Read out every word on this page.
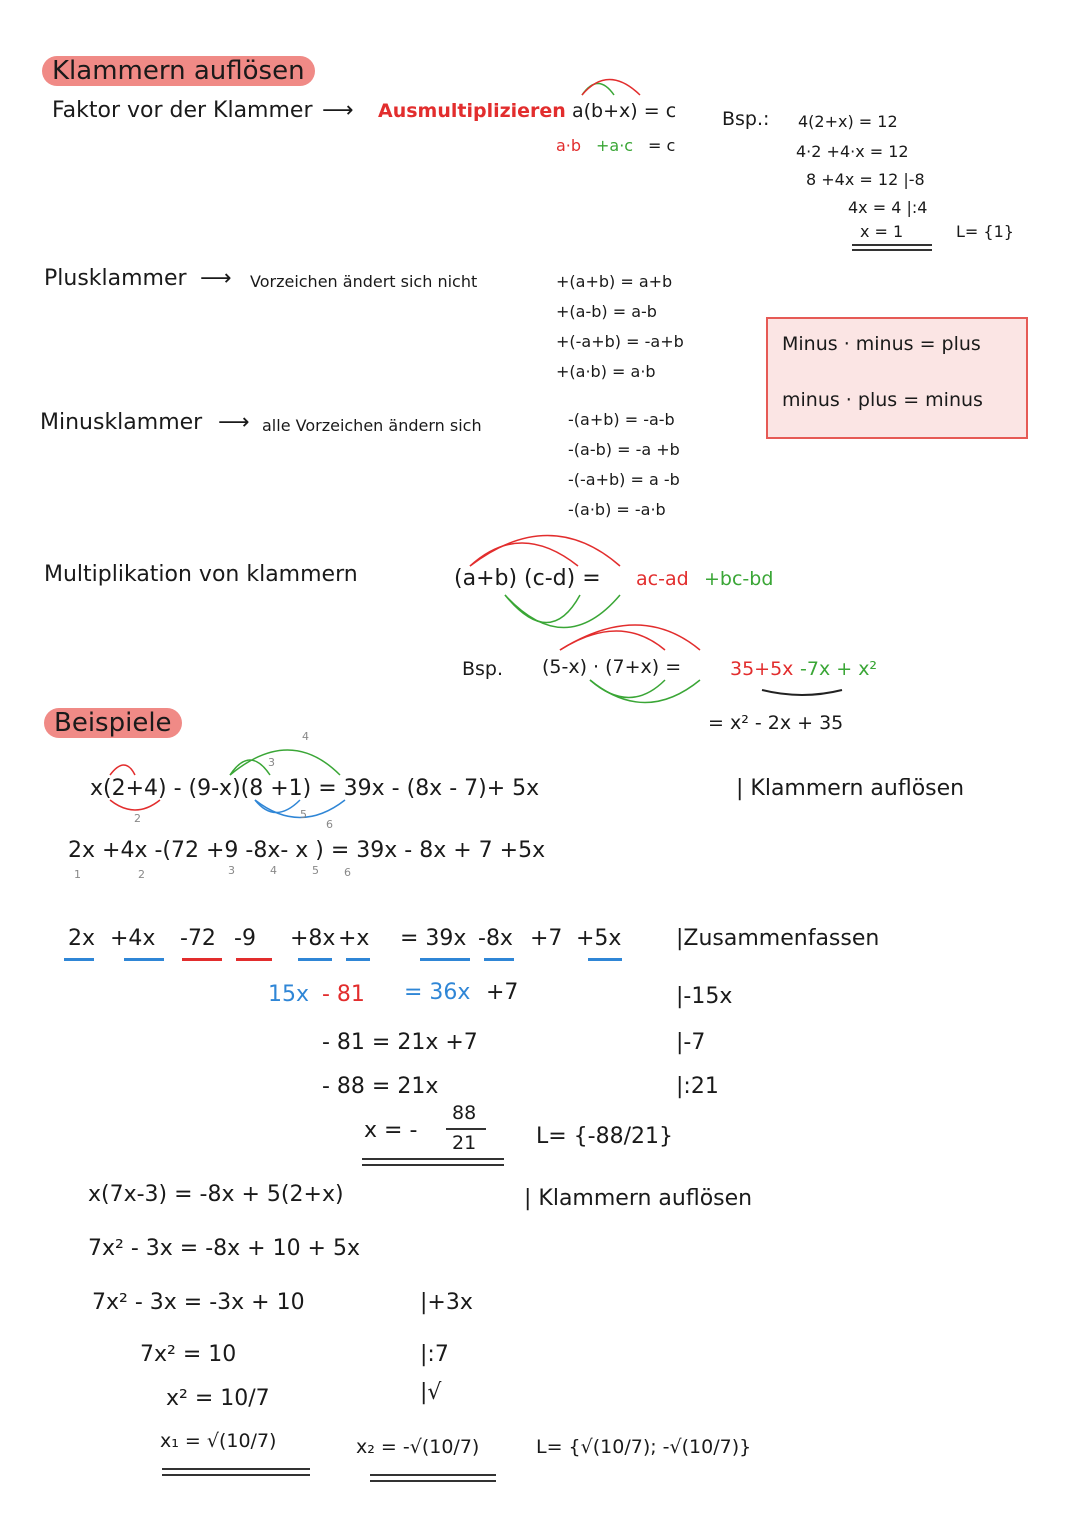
Klammern auflösen
Faktor vor der Klammer ⟶ Ausmultiplizieren a(b+x) = c
a·b +a·c = c
Bsp.: 4(2+x) = 12
4·2 +4·x = 12
8 +4x = 12 |-8
4x = 4 |:4
x = 1	L= {1}
Plusklammer ⟶ Vorzeichen ändert sich nicht	+(a+b) = a+b
+(a-b) = a-b
+(-a+b) = -a+b
+(a·b) = a·b
Minus · minus = plus
minus · plus = minus
Minusklammer ⟶ alle Vorzeichen ändern sich	-(a+b) = -a-b
-(a-b) = -a +b
-(-a+b) = a -b
-(a·b) = -a·b
Multiplikation von klammern	(a+b) (c-d) = ac-ad +bc-bd
Bsp. (5-x) · (7+x) =	35+5x -7x + x²
= x² - 2x + 35
Beispiele
x(2+4) - (9-x)(8 +1) = 39x - (8x - 7)+ 5x	| Klammern auflösen
3
4
2	5
6
2x +4x -(72 +9 -8x- x ) = 39x - 8x + 7 +5x
1	2	3	4	5 6
2x +4x -72 -9 +8x +x = 39x -8x +7 +5x |Zusammenfassen
15x - 81 = 36x +7	|-15x
- 81 = 21x +7	|-7
- 88 = 21x	|:21
x = -
88
21	L= {-88/21}
x(7x-3) = -8x + 5(2+x)	| Klammern auflösen
7x² - 3x = -8x + 10 + 5x
7x² - 3x = -3x + 10	|+3x
7x² = 10	|:7
x² = 10/7	|√
x₁ = √(10/7)	x₂ = -√(10/7)	L= {√(10/7); -√(10/7)}
